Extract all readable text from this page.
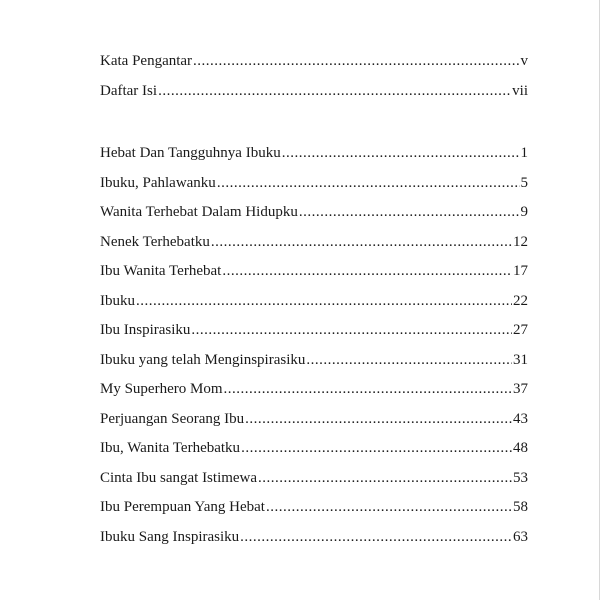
Kata Pengantar .....	v
Daftar Isi .....	vii
Hebat Dan Tangguhnya Ibuku .....	1
Ibuku, Pahlawanku .....	5
Wanita Terhebat Dalam Hidupku .....	9
Nenek Terhebatku .....	12
Ibu Wanita Terhebat .....	17
Ibuku .....	22
Ibu Inspirasiku .....	27
Ibuku yang telah Menginspirasiku .....	31
My Superhero Mom .....	37
Perjuangan Seorang Ibu .....	43
Ibu, Wanita Terhebatku .....	48
Cinta Ibu sangat Istimewa .....	53
Ibu Perempuan Yang Hebat .....	58
Ibuku Sang Inspirasiku .....	63
